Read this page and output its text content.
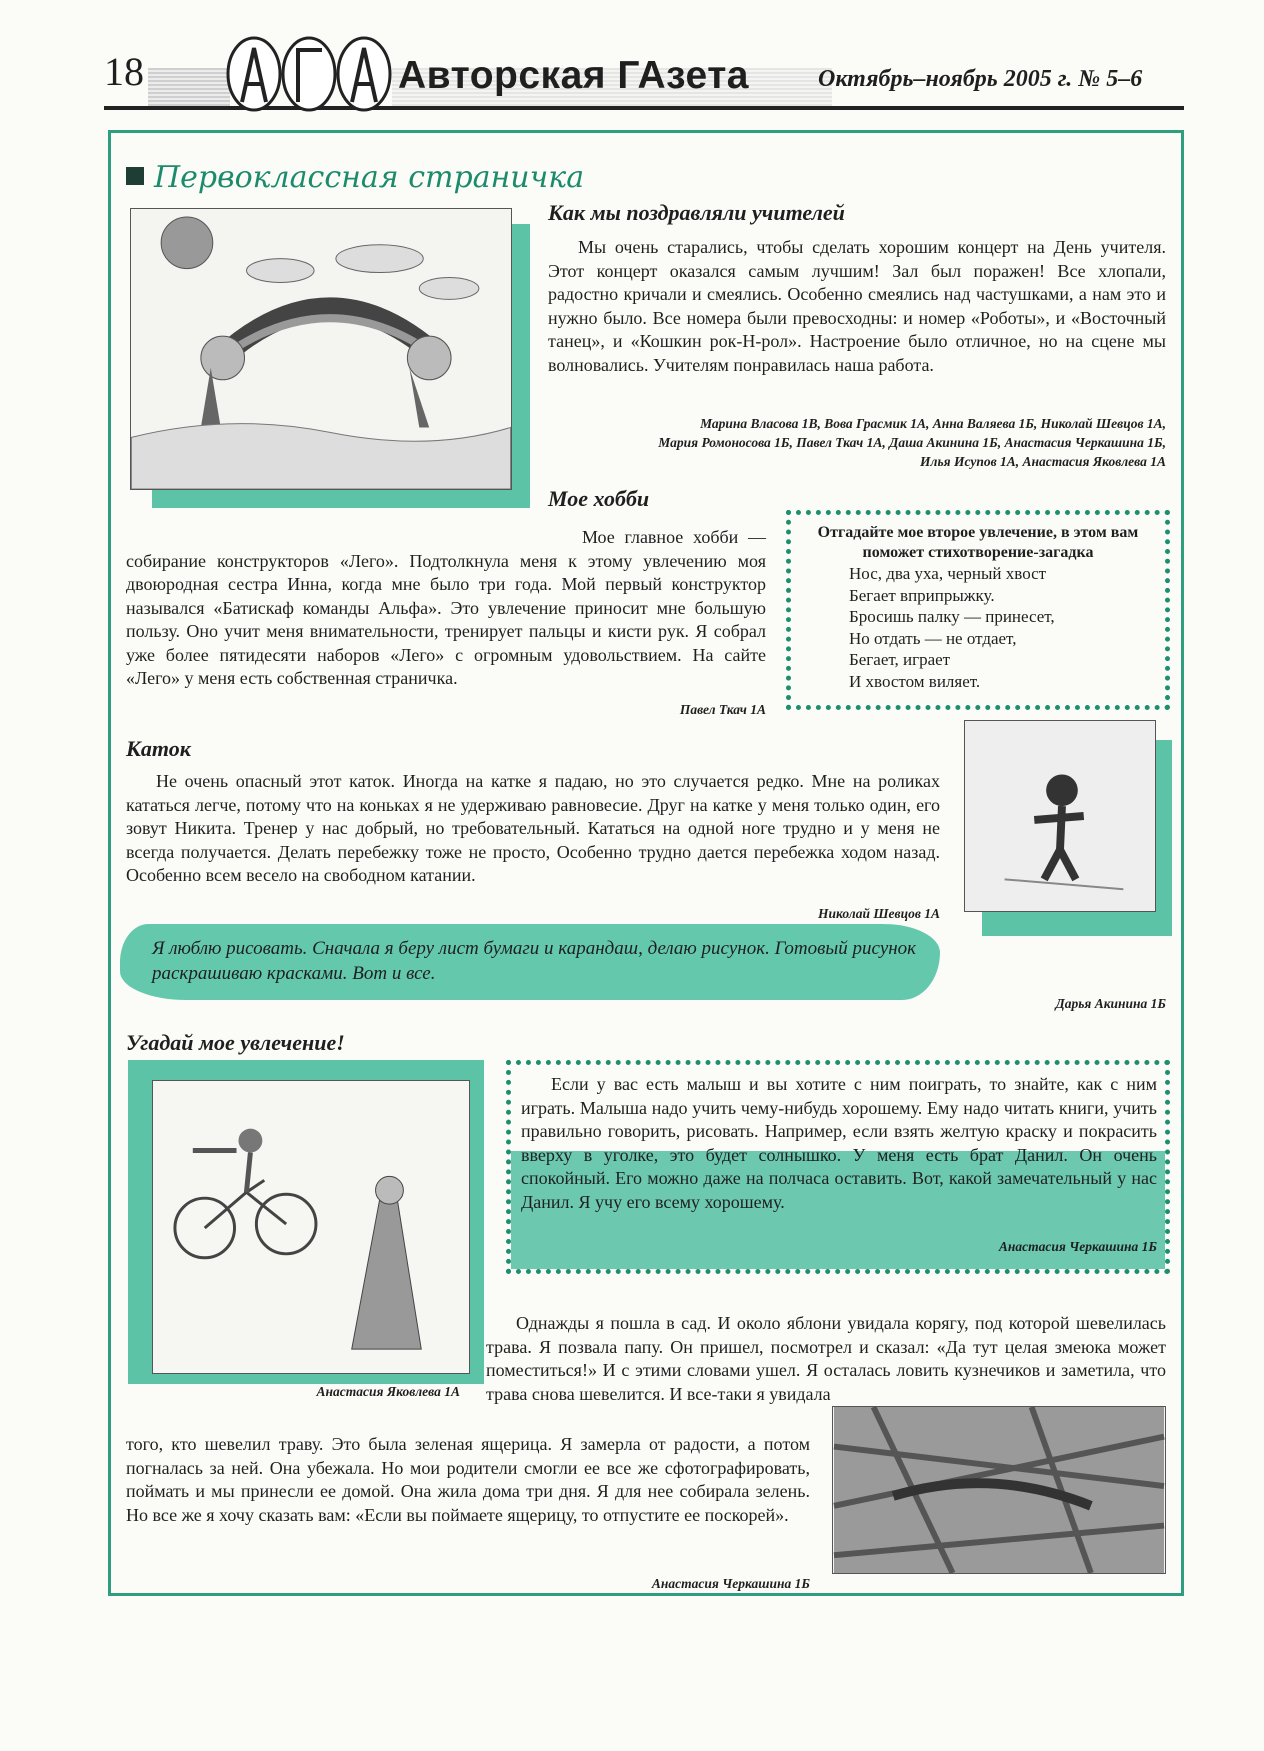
18	Авторская ГАзета	Октябрь–ноябрь 2005 г. № 5–6
Первоклассная страничка
Как мы поздравляли учителей

Мы очень старались, чтобы сделать хорошим концерт на День учителя. Этот концерт оказался самым лучшим! Зал был поражен! Все хлопали, радостно кричали и смеялись. Особенно смеялись над частушками, а нам это и нужно было. Все номера были превосходны: и номер «Роботы», и «Восточный танец», и «Кошкин рок-Н-рол». Настроение было отличное, но на сцене мы волновались. Учителям понравилась наша работа.

Марина Власова 1В, Вова Грасмик 1А, Анна Валяева 1Б, Николай Шевцов 1А,
Мария Ромоносова 1Б, Павел Ткач 1А, Даша Акинина 1Б, Анастасия Черкашина 1Б,
Илья Исупов 1А, Анастасия Яковлева 1А
Мое хобби

Мое главное хобби — собирание конструкторов «Лего». Подтолкнула меня к этому увлечению моя двоюродная сестра Инна, когда мне было три года. Мой первый конструктор назывался «Батискаф команды Альфа». Это увлечение приносит мне большую пользу. Оно учит меня внимательности, тренирует пальцы и кисти рук. Я собрал уже более пятидесяти наборов «Лего» с огромным удовольствием. На сайте «Лего» у меня есть собственная страничка.

Павел Ткач 1А
Отгадайте мое второе увлечение, в этом вам поможет стихотворение-загадка
Нос, два уха, черный хвост
Бегает вприпрыжку.
Бросишь палку — принесет,
Но отдать — не отдает,
Бегает, играет
И хвостом виляет.
Каток

Не очень опасный этот каток. Иногда на катке я падаю, но это случается редко. Мне на роликах кататься легче, потому что на коньках я не удерживаю равновесие. Друг на катке у меня только один, его зовут Никита. Тренер у нас добрый, но требовательный. Кататься на одной ноге трудно и у меня не всегда получается. Делать перебежку тоже не просто, Особенно трудно дается перебежка ходом назад. Особенно всем весело на свободном катании.

Николай Шевцов 1А
Я люблю рисовать. Сначала я беру лист бумаги и карандаш, делаю рисунок. Готовый рисунок раскрашиваю красками. Вот и все.
Дарья Акинина 1Б
Угадай мое увлечение!
Анастасия Яковлева 1А

Если у вас есть малыш и вы хотите с ним поиграть, то знайте, как с ним играть. Малыша надо учить чему-нибудь хорошему. Ему надо читать книги, учить правильно говорить, рисовать. Например, если взять желтую краску и покрасить вверху в уголке, это будет солнышко. У меня есть брат Данил. Он очень спокойный. Его можно даже на полчаса оставить. Вот, какой замечательный у нас Данил. Я учу его всему хорошему.

Анастасия Черкашина 1Б

Однажды я пошла в сад. И около яблони увидала корягу, под которой шевелилась трава. Я позвала папу. Он пришел, посмотрел и сказал: «Да тут целая змеюка может поместиться!» И с этими словами ушел. Я осталась ловить кузнечиков и заметила, что трава снова шевелится. И все-таки я увидала

того, кто шевелил траву. Это была зеленая ящерица. Я замерла от радости, а потом погналась за ней. Она убежала. Но мои родители смогли ее все же сфотографировать, поймать и мы принесли ее домой. Она жила дома три дня. Я для нее собирала зелень. Но все же я хочу сказать вам: «Если вы поймаете ящерицу, то отпустите ее поскорей».

Анастасия Черкашина 1Б
